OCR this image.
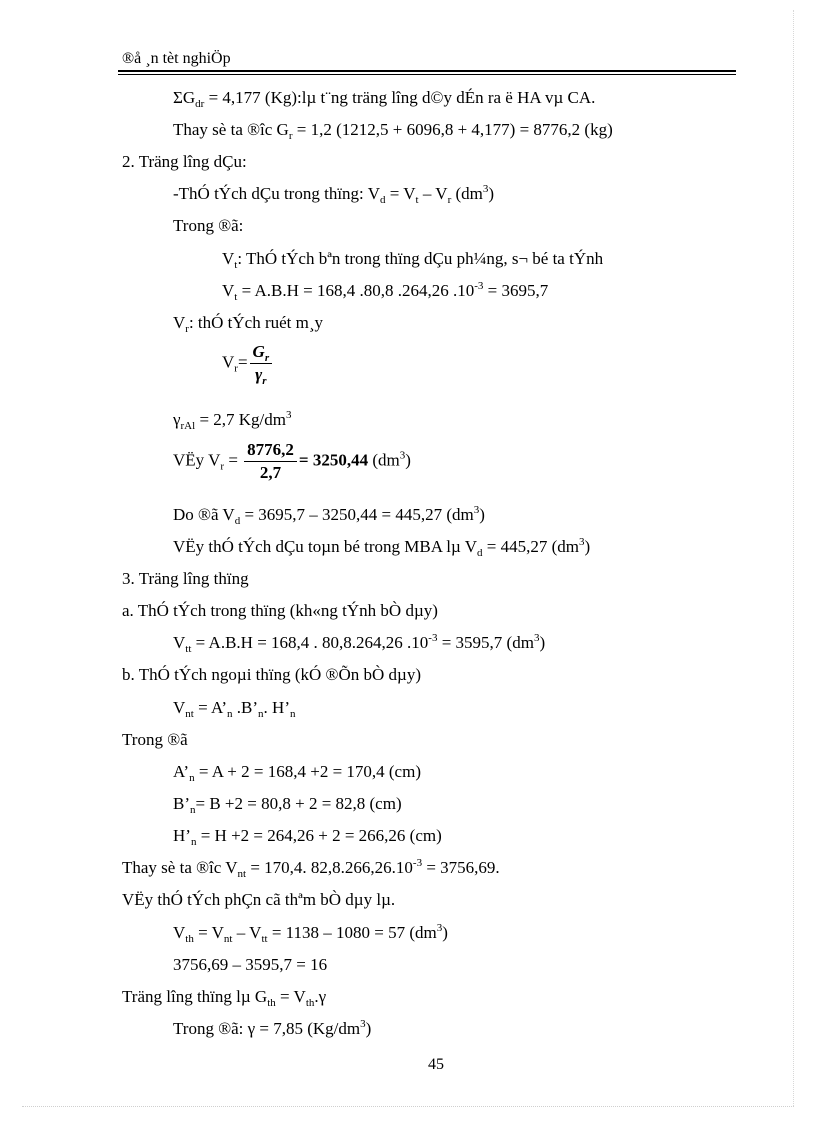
®å ¸n tèt nghiÖp
$\Sigma G_{dr} = 4,177$ (Kg):lµ t¨ng träng lîng d©y dÉn ra ë HA vµ CA.
Thay sè ta ®îc $G_r = 1,2$ (1212,5 + 6096,8 + 4,177) = 8776,2 (kg)
2. Träng lîng dÇu:
-ThÓ tÝch dÇu trong thïng: $V_d = V_t - V_r$ $(dm^3)$
Trong ®ã:
$V_t$: ThÓ tÝch bªn trong thïng dÇu ph¼ng, s¬ bé ta tÝnh
$V_t = A.B.H = 168,4$ .80,8 .264,26 $.10^{-3} = 3695,7$
$V_r$: thÓ tÝch ruét m¸y
$V_r= \frac{G_r}{\gamma_r}$
$\gamma_{rAl} = 2,7$ $Kg/dm^3$
VËy $V_r = \frac{8776,2}{2,7} = 3250,44$ $(dm^3)$
Do ®ã $V_d = 3695,7 - 3250,44 = 445,27$ $(dm^3)$
VËy thÓ tÝch dÇu toµn bé trong MBA lµ $V_d = 445,27$ $(dm^3)$
3. Träng lîng thïng
a. ThÓ tÝch trong thïng (kh«ng tÝnh bÒ dµy)
$V_{tt} = A.B.H = 168,4$ . 80,8.264,26 $.10^{-3} = 3595,7$ $(dm^3)$
b. ThÓ tÝch ngoµi thïng (kÓ ®Õn bÒ dµy)
$V_{nt}$ = $A’_n$ $.B’_n$. $H’_n$
Trong ®ã
$A’_n = A + 2 = 168,4 +2 = 170,4$ (cm)
$B’_n= B +2 = 80,8 + 2 = 82,8$ (cm)
$H’_n = H +2 = 264,26 + 2 = 266,26$ (cm)
Thay sè ta ®îc $V_{nt} = 170,4$. $82,8.266,26.10^{-3} = 3756,69$.
VËy thÓ tÝch phÇn cã thªm bÒ dµy lµ.
$V_{th} = V_{nt} - V_{tt} = 1138 - 1080 = 57$ $(dm^3)$
3756,69 – 3595,7 = 16
Träng lîng thïng lµ $G_{th} = V_{th}.\gamma$
Trong ®ã: γ = 7,85 $(Kg/dm^3)$
45
